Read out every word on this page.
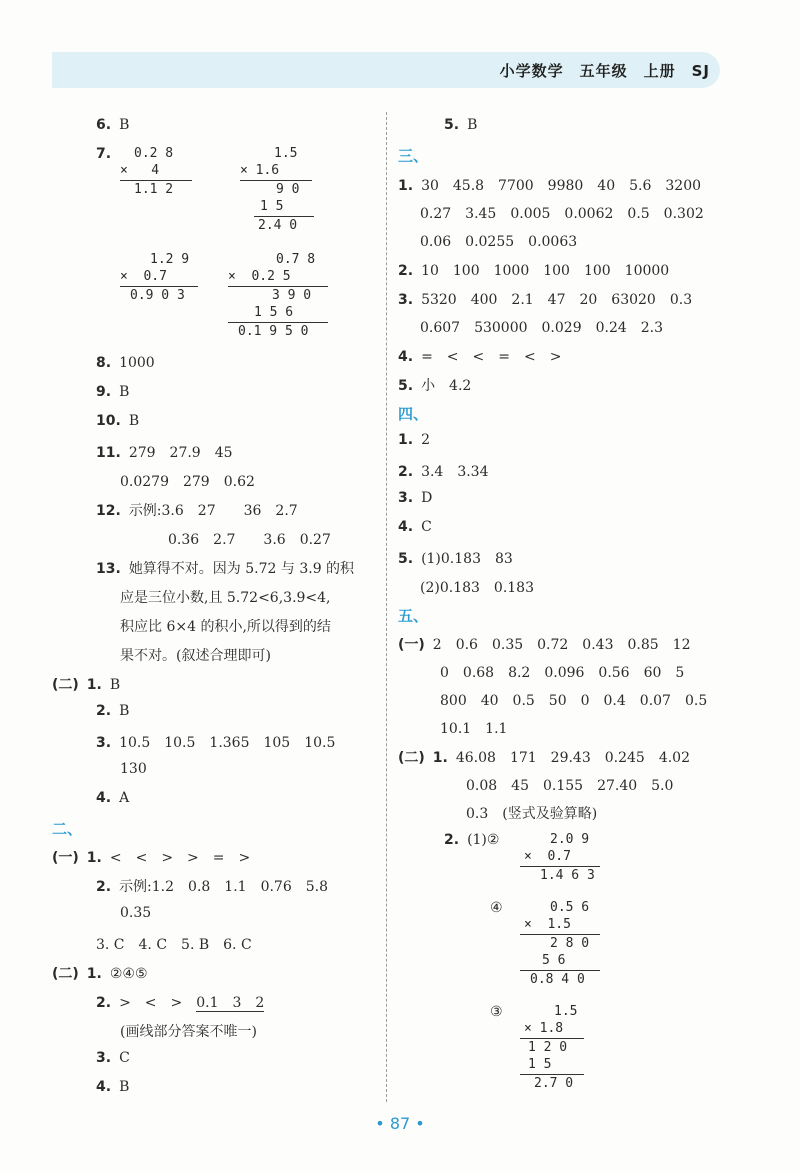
小学数学　五年级　上册　SJ
6. B
7.	0.2 8
×   4
1.1 2
1.5
× 1.6
9 0
1 5
2.4 0
1.2 9
×  0.7
0.9 0 3
0.7 8
×  0.2 5
3 9 0
1 5 6
0.1 9 5 0
8. 1000
9. B
10. B
11. 279　27.9　45
0.0279　279　0.62
12. 示例:3.6　27　　36　2.7
0.36　2.7　　3.6　0.27
13. 她算得不对。因为 5.72 与 3.9 的积
应是三位小数,且 5.72<6,3.9<4,
积应比 6×4 的积小,所以得到的结
果不对。(叙述合理即可)
(二) 1. B
2. B
3. 10.5　10.5　1.365　105　10.5
130
4. A
二、
(一) 1. <　<　>　>　=　>
2. 示例:1.2　0.8　1.1　0.76　5.8
0.35
3. C　4. C　5. B　6. C
(二) 1. ②④⑤
2. >　<　>　 0.1　3　2
(画线部分答案不唯一)
3. C
4. B
5. B
三、
1. 30　45.8　7700　9980　40　5.6　3200
0.27　3.45　0.005　0.0062　0.5　0.302
0.06　0.0255　0.0063
2. 10　100　1000　100　100　10000
3. 5320　400　2.1　47　20　63020　0.3
0.607　530000　0.029　0.24　2.3
4. =　<　<　=　<　>
5. 小　4.2
四、
1. 2
2. 3.4　 3.34
3. D
4. C
5. (1)0.183　83
(2)0.183　0.183
五、
(一) 2　0.6　0.35　0.72　0.43　0.85　12
0　0.68　8.2　0.096　0.56　60　5
800　40　0.5　50　0　0.4　0.07　0.5
10.1　1.1
(二) 1. 46.08　171　29.43　0.245　4.02
0.08　45　0.155　27.40　5.0
0.3　(竖式及验算略)
2. (1)②	2.0 9
×  0.7
1.4 6 3
④	0.5 6
×  1.5
2 8 0
5 6
0.8 4 0
③	1.5
× 1.8
1 2 0
1 5
2.7 0
• 87 •
